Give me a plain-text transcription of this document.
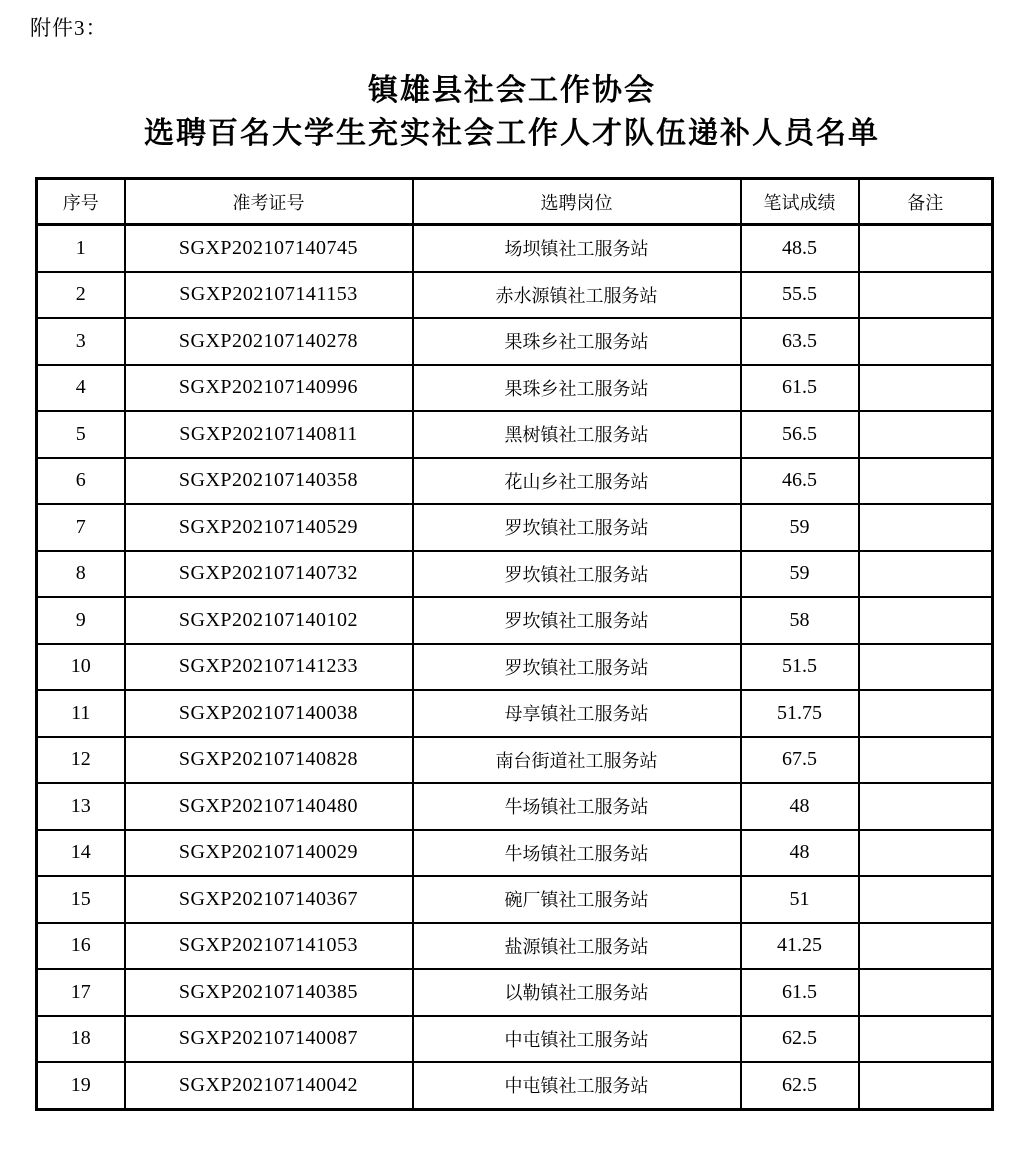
附件3：
镇雄县社会工作协会
选聘百名大学生充实社会工作人才队伍递补人员名单
序号	准考证号	选聘岗位	笔试成绩	备注
1	SGXP202107140745	场坝镇社工服务站	48.5	
2	SGXP202107141153	赤水源镇社工服务站	55.5	
3	SGXP202107140278	果珠乡社工服务站	63.5	
4	SGXP202107140996	果珠乡社工服务站	61.5	
5	SGXP202107140811	黑树镇社工服务站	56.5	
6	SGXP202107140358	花山乡社工服务站	46.5	
7	SGXP202107140529	罗坎镇社工服务站	59	
8	SGXP202107140732	罗坎镇社工服务站	59	
9	SGXP202107140102	罗坎镇社工服务站	58	
10	SGXP202107141233	罗坎镇社工服务站	51.5	
11	SGXP202107140038	母享镇社工服务站	51.75	
12	SGXP202107140828	南台街道社工服务站	67.5	
13	SGXP202107140480	牛场镇社工服务站	48	
14	SGXP202107140029	牛场镇社工服务站	48	
15	SGXP202107140367	碗厂镇社工服务站	51	
16	SGXP202107141053	盐源镇社工服务站	41.25	
17	SGXP202107140385	以勒镇社工服务站	61.5	
18	SGXP202107140087	中屯镇社工服务站	62.5	
19	SGXP202107140042	中屯镇社工服务站	62.5	
